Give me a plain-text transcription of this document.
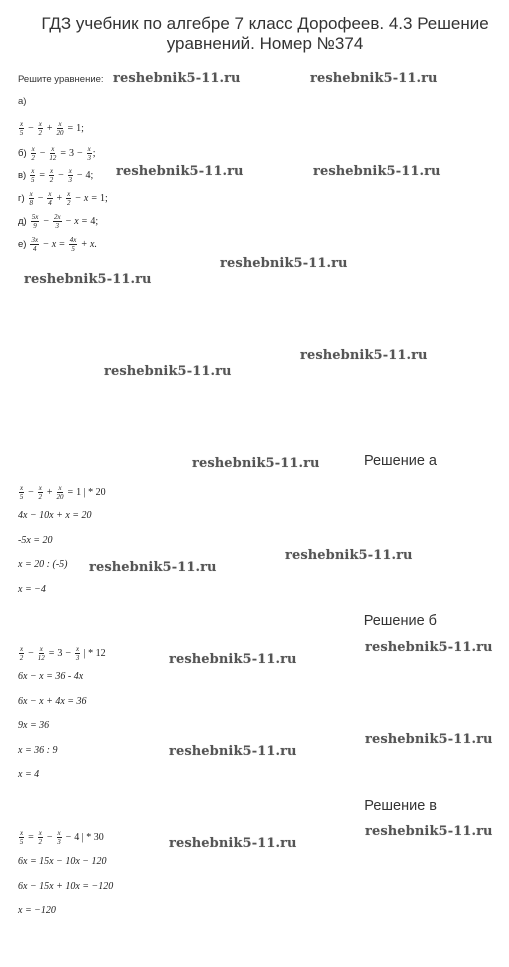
ГДЗ учебник по алгебре 7 класс Дорофеев. 4.3 Решение уравнений. Номер №374
Решите уравнение:
а)
$\frac{x}{5} - \frac{x}{2} + \frac{x}{20} = 1$;
$б) \frac{x}{2} - \frac{x}{12} = 3 - \frac{x}{3}$ ;
$в) \frac{x}{5} = \frac{x}{2} - \frac{x}{3} - 4$;
$г) \frac{x}{8} - \frac{x}{4} + \frac{x}{2} - x = 1$;
$д) \frac{5x}{9} - \frac{2x}{3} - x = 4$;
$е) \frac{3x}{4} - x = \frac{4x}{5} + x$.
Решение а
$\frac{x}{5} - \frac{x}{2} + \frac{x}{20} = 1$ | * 20
4x − 10x + x = 20
-5x = 20
x = 20 : (-5)
x = −4
Решение б
$\frac{x}{2} - \frac{x}{12} = 3 - \frac{x}{3}$ | * 12
6x − x = 36 - 4x
6x − x + 4x = 36
9x = 36
x = 36 : 9
x = 4
Решение в
$\frac{x}{5} = \frac{x}{2} - \frac{x}{3} - 4$ | * 30
6x = 15x − 10x − 120
6x − 15x + 10x = −120
x = −120
reshebnik5-11.ru	reshebnik5-11.ru
reshebnik5-11.ru	reshebnik5-11.ru
reshebnik5-11.ru
reshebnik5-11.ru
reshebnik5-11.ru
reshebnik5-11.ru
reshebnik5-11.ru
reshebnik5-11.ru
reshebnik5-11.ru
reshebnik5-11.ru
reshebnik5-11.ru
reshebnik5-11.ru
reshebnik5-11.ru
reshebnik5-11.ru
reshebnik5-11.ru
